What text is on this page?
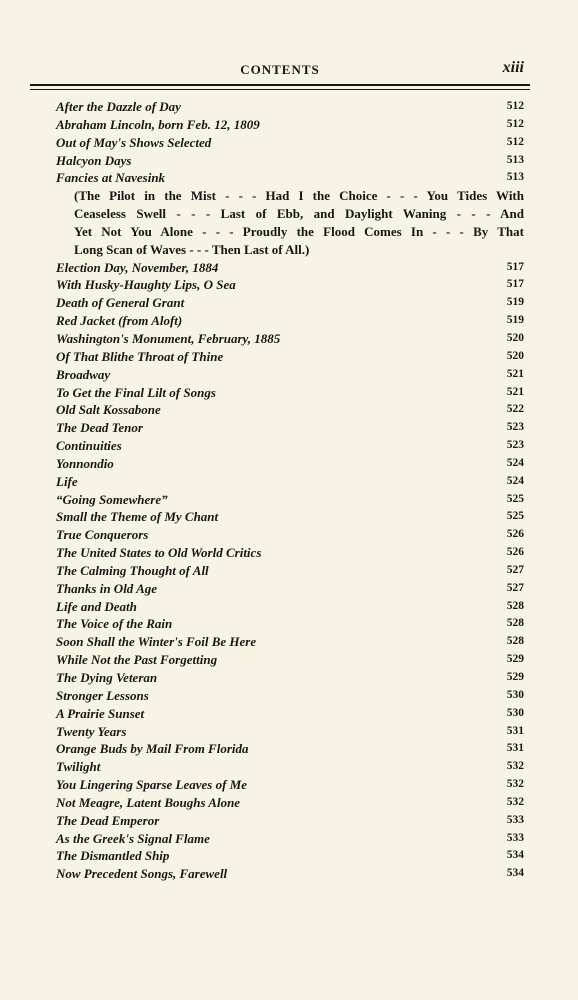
CONTENTS	xiii
After the Dazzle of Day	512
Abraham Lincoln, born Feb. 12, 1809	512
Out of May's Shows Selected	512
Halcyon Days	513
Fancies at Navesink	513
(The Pilot in the Mist - - - Had I the Choice - - - You Tides With
Ceaseless Swell - - - Last of Ebb, and Daylight Waning - - - And
Yet Not You Alone - - - Proudly the Flood Comes In - - - By That
Long Scan of Waves - - - Then Last of All.)
Election Day, November, 1884	517
With Husky-Haughty Lips, O Sea	517
Death of General Grant	519
Red Jacket (from Aloft)	519
Washington's Monument, February, 1885	520
Of That Blithe Throat of Thine	520
Broadway	521
To Get the Final Lilt of Songs	521
Old Salt Kossabone	522
The Dead Tenor	523
Continuities	523
Yonnondio	524
Life	524
“Going Somewhere”	525
Small the Theme of My Chant	525
True Conquerors	526
The United States to Old World Critics	526
The Calming Thought of All	527
Thanks in Old Age	527
Life and Death	528
The Voice of the Rain	528
Soon Shall the Winter's Foil Be Here	528
While Not the Past Forgetting	529
The Dying Veteran	529
Stronger Lessons	530
A Prairie Sunset	530
Twenty Years	531
Orange Buds by Mail From Florida	531
Twilight	532
You Lingering Sparse Leaves of Me	532
Not Meagre, Latent Boughs Alone	532
The Dead Emperor	533
As the Greek's Signal Flame	533
The Dismantled Ship	534
Now Precedent Songs, Farewell	534
